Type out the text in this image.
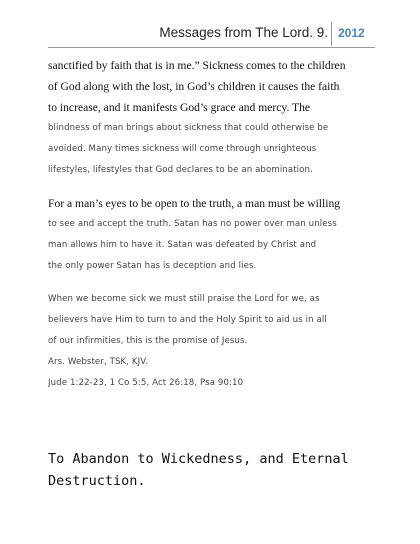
Messages from The Lord. 9. 2012
sanctified by faith that is in me.” Sickness comes to the children
of God along with the lost, in God’s children it causes the faith
to increase, and it manifests God’s grace and mercy. The
blindness of man brings about sickness that could otherwise be
avoided. Many times sickness will come through unrighteous
lifestyles, lifestyles that God declares to be an abomination.
For a man’s eyes to be open to the truth, a man must be willing
to see and accept the truth. Satan has no power over man unless
man allows him to have it. Satan was defeated by Christ and
the only power Satan has is deception and lies.
When we become sick we must still praise the Lord for we, as
believers have Him to turn to and the Holy Spirit to aid us in all
of our infirmities, this is the promise of Jesus.
Ars. Webster, TSK, KJV.
Jude 1:22-23, 1 Co 5:5, Act 26:18, Psa 90:10
To Abandon to Wickedness, and Eternal
Destruction.
